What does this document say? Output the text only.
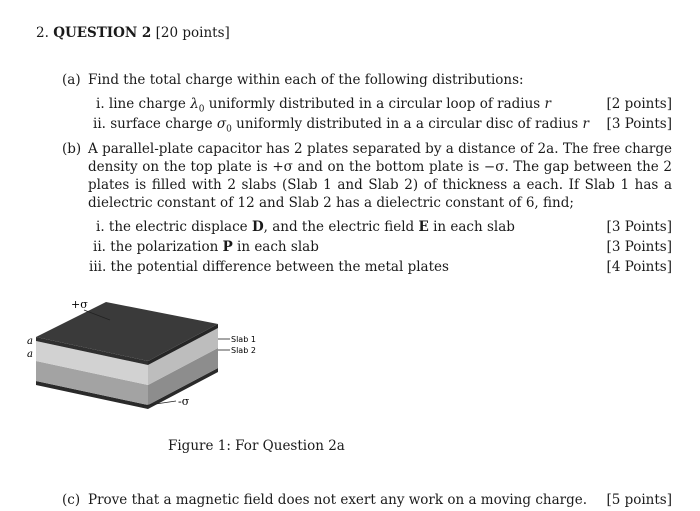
2. QUESTION 2 [20 points]
(a) Find the total charge within each of the following distributions:
i. line charge $\lambda_0$ uniformly distributed in a circular loop of radius r	[2 points]
ii. surface charge $\sigma_0$ uniformly distributed in a a circular disc of radius r [3 Points]
(b) A parallel-plate capacitor has 2 plates separated by a distance of 2a. The free charge density on the top plate is +σ and on the bottom plate is −σ. The gap between the 2 plates is filled with 2 slabs (Slab 1 and Slab 2) of thickness a each. If Slab 1 has a dielectric constant of 12 and Slab 2 has a dielectric constant of 6, find;
i. the electric displace D, and the electric field E in each slab	[3 Points]
ii. the polarization P in each slab	[3 Points]
iii. the potential difference between the metal plates	[4 Points]
+σ
-σ
Slab 1
Slab 2
a
a
Figure 1: For Question 2a
(c) Prove that a magnetic field does not exert any work on a moving charge. [5 points]
